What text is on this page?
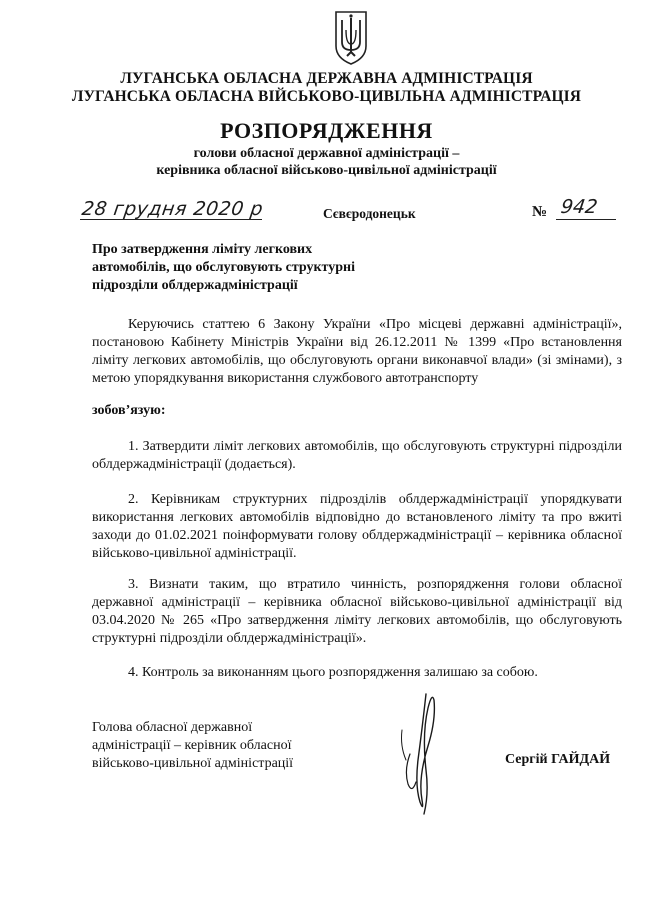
ЛУГАНСЬКА ОБЛАСНА ДЕРЖАВНА АДМІНІСТРАЦІЯ
ЛУГАНСЬКА ОБЛАСНА ВІЙСЬКОВО-ЦИВІЛЬНА АДМІНІСТРАЦІЯ
РОЗПОРЯДЖЕННЯ
голови обласної державної адміністрації –
керівника обласної військово-цивільної адміністрації
28 грудня 2020 р	Сєвєродонецьк	№ 942
Про затвердження ліміту легкових
автомобілів, що обслуговують структурні
підрозділи облдержадміністрації
Керуючись статтею 6 Закону України «Про місцеві державні адміністрації», постановою Кабінету Міністрів України від 26.12.2011 № 1399 «Про встановлення ліміту легкових автомобілів, що обслуговують органи виконавчої влади» (зі змінами), з метою упорядкування використання службового автотранспорту
зобов’язую:
1. Затвердити ліміт легкових автомобілів, що обслуговують структурні підрозділи облдержадміністрації (додається).
2. Керівникам структурних підрозділів облдержадміністрації упорядкувати використання легкових автомобілів відповідно до встановленого ліміту та про вжиті заходи до 01.02.2021 поінформувати голову облдержадміністрації – керівника обласної військово-цивільної адміністрації.
3. Визнати таким, що втратило чинність, розпорядження голови обласної державної адміністрації – керівника обласної військово-цивільної адміністрації від 03.04.2020 № 265 «Про затвердження ліміту легкових автомобілів, що обслуговують структурні підрозділи облдержадміністрації».
4. Контроль за виконанням цього розпорядження залишаю за собою.
Голова обласної державної
адміністрації – керівник обласної
військово-цивільної адміністрації	Сергій ГАЙДАЙ
